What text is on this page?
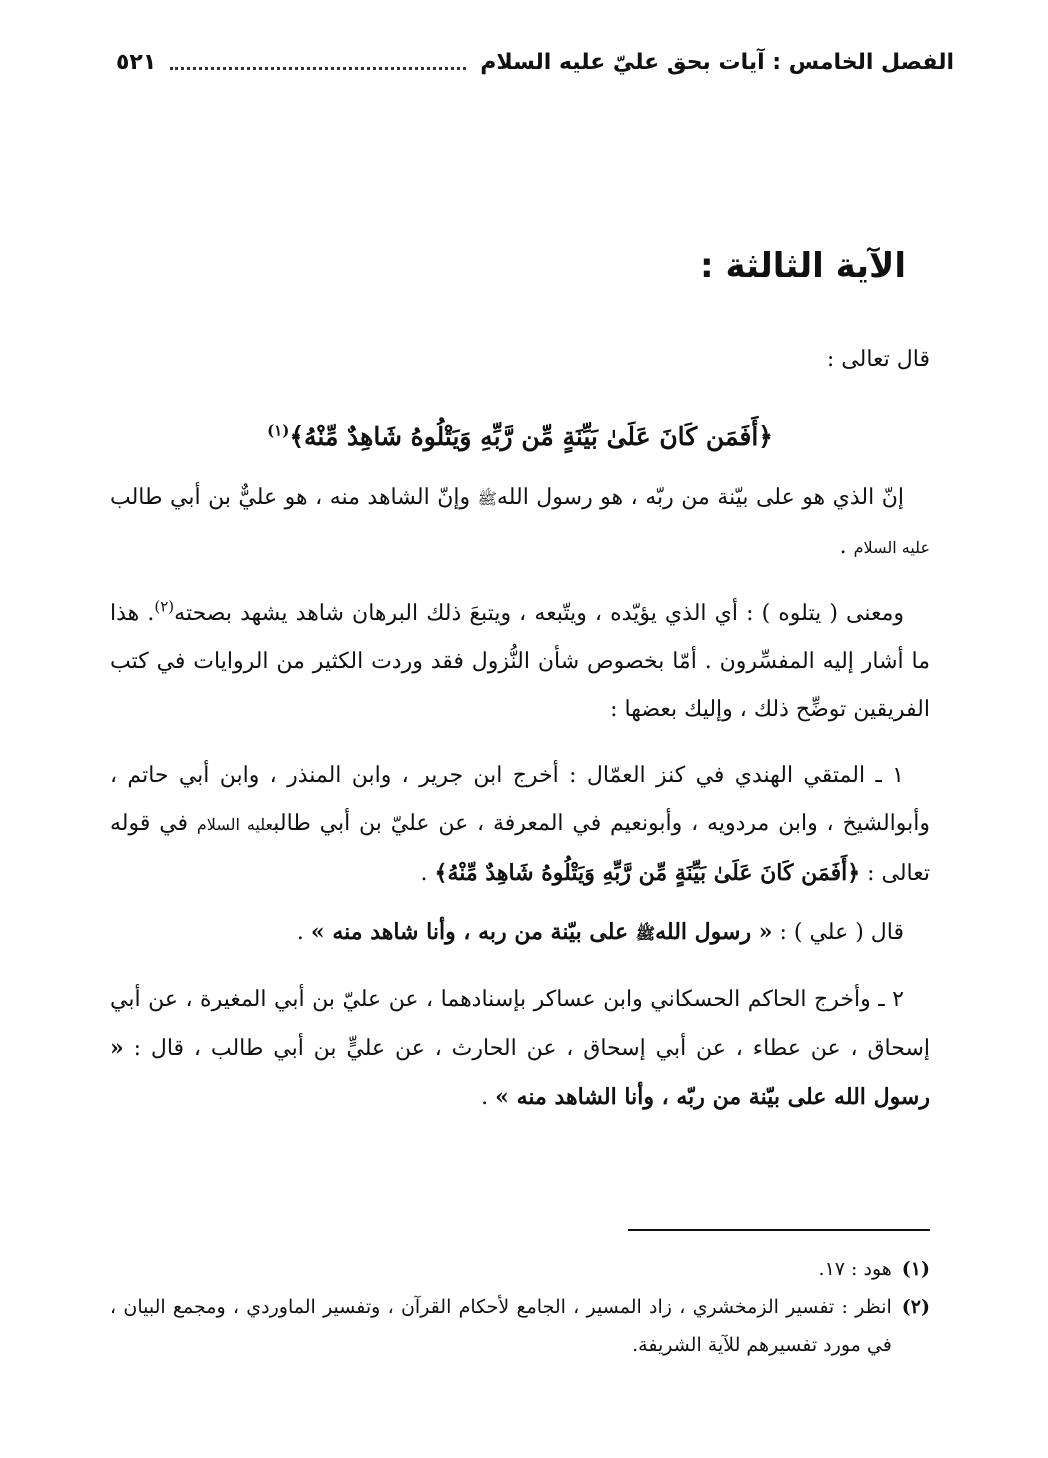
الفصل الخامس : آيات بحق عليّ عليه السلام
٥٢١
الآية الثالثة :

قال تعالى :

﴿أَفَمَن كَانَ عَلَىٰ بَيِّنَةٍ مِّن رَّبِّهِ وَيَتْلُوهُ شَاهِدٌ مِّنْهُ﴾$^{(١)}$

إنّ الذي هو على بيّنة من ربّه ، هو رسول اللهﷺ وإنّ الشاهد منه ، هو عليٌّ بن أبي طالب عليه السلام .

ومعنى ( يتلوه ) : أي الذي يؤيّده ، ويتّبعه ، ويتبعَ ذلك البرهان شاهد يشهد بصحته$^{(٢)}$. هذا ما أشار إليه المفسِّرون . أمّا بخصوص شأن النُّزول فقد وردت الكثير من الروايات في كتب الفريقين توضِّح ذلك ، وإليك بعضها :

١ ـ المتقي الهندي في كنز العمّال : أخرج ابن جرير ، وابن المنذر ، وابن أبي حاتم ، وأبوالشيخ ، وابن مردويه ، وأبونعيم في المعرفة ، عن عليّ بن أبي طالبعليه السلام في قوله تعالى : ﴿أَفَمَن كَانَ عَلَىٰ بَيِّنَةٍ مِّن رَّبِّهِ وَيَتْلُوهُ شَاهِدٌ مِّنْهُ﴾ .

قال ( علي ) : « رسول اللهﷺ على بيّنة من ربه ، وأنا شاهد منه » .

٢ ـ وأخرج الحاكم الحسكاني وابن عساكر بإسنادهما ، عن عليّ بن أبي المغيرة ، عن أبي إسحاق ، عن عطاء ، عن أبي إسحاق ، عن الحارث ، عن عليٍّ بن أبي طالب ، قال : « رسول الله على بيّنة من ربّه ، وأنا الشاهد منه » .

(١)
هود : ١٧.

(٢)
انظر : تفسير الزمخشري ، زاد المسير ، الجامع لأحكام القرآن ، وتفسير الماوردي ، ومجمع البيان ، في مورد تفسيرهم للآية الشريفة.
